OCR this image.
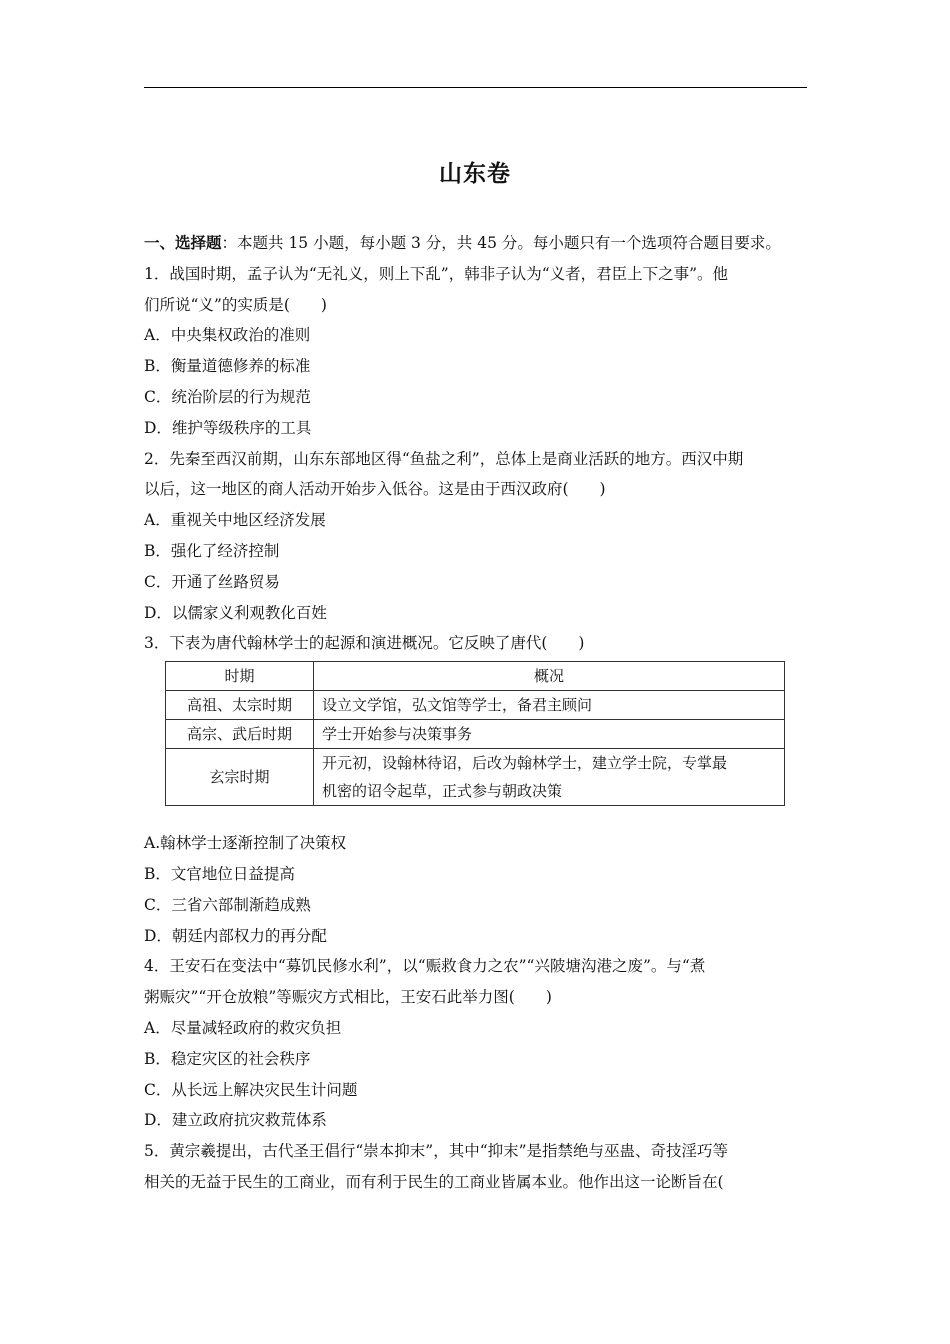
山东卷
一、选择题：本题共 15 小题，每小题 3 分，共 45 分。每小题只有一个选项符合题目要求。
1．战国时期，孟子认为“无礼义，则上下乱”，韩非子认为“义者，君臣上下之事”。他
们所说“义”的实质是(　　)
A．中央集权政治的准则
B．衡量道德修养的标准
C．统治阶层的行为规范
D．维护等级秩序的工具
2．先秦至西汉前期，山东东部地区得“鱼盐之利”，总体上是商业活跃的地方。西汉中期
以后，这一地区的商人活动开始步入低谷。这是由于西汉政府(　　)
A．重视关中地区经济发展
B．强化了经济控制
C．开通了丝路贸易
D．以儒家义利观教化百姓
3．下表为唐代翰林学士的起源和演进概况。它反映了唐代(　　)
时期	概况
高祖、太宗时期	设立文学馆，弘文馆等学士，备君主顾问
高宗、武后时期	学士开始参与决策事务
玄宗时期	开元初，设翰林待诏，后改为翰林学士，建立学士院，专掌最
机密的诏令起草，正式参与朝政决策
A.翰林学士逐渐控制了决策权
B．文官地位日益提高
C．三省六部制渐趋成熟
D．朝廷内部权力的再分配
4．王安石在变法中“募饥民修水利”，以“赈救食力之农”“兴陂塘沟港之废”。与“煮
粥赈灾”“开仓放粮”等赈灾方式相比，王安石此举力图(　　)
A．尽量减轻政府的救灾负担
B．稳定灾区的社会秩序
C．从长远上解决灾民生计问题
D．建立政府抗灾救荒体系
5．黄宗羲提出，古代圣王倡行“崇本抑末”，其中“抑末”是指禁绝与巫蛊、奇技淫巧等
相关的无益于民生的工商业，而有利于民生的工商业皆属本业。他作出这一论断旨在(
